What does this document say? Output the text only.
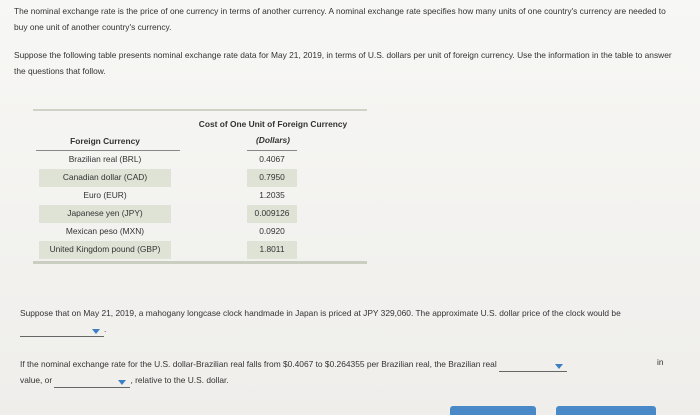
The nominal exchange rate is the price of one currency in terms of another currency. A nominal exchange rate specifies how many units of one country's currency are needed to buy one unit of another country's currency.
Suppose the following table presents nominal exchange rate data for May 21, 2019, in terms of U.S. dollars per unit of foreign currency. Use the information in the table to answer the questions that follow.
Cost of One Unit of Foreign Currency
(Dollars)
Foreign Currency
Brazilian real (BRL)	0.4067
Canadian dollar (CAD)	0.7950
Euro (EUR)	1.2035
Japanese yen (JPY)	0.009126
Mexican peso (MXN)	0.0920
United Kingdom pound (GBP)	1.8011
Suppose that on May 21, 2019, a mahogany longcase clock handmade in Japan is priced at JPY 329,060. The approximate U.S. dollar price of the clock would be
.
If the nominal exchange rate for the U.S. dollar-Brazilian real falls from $0.4067 to $0.264355 per Brazilian real, the Brazilian real

value, or	, relative to the U.S. dollar.
in
